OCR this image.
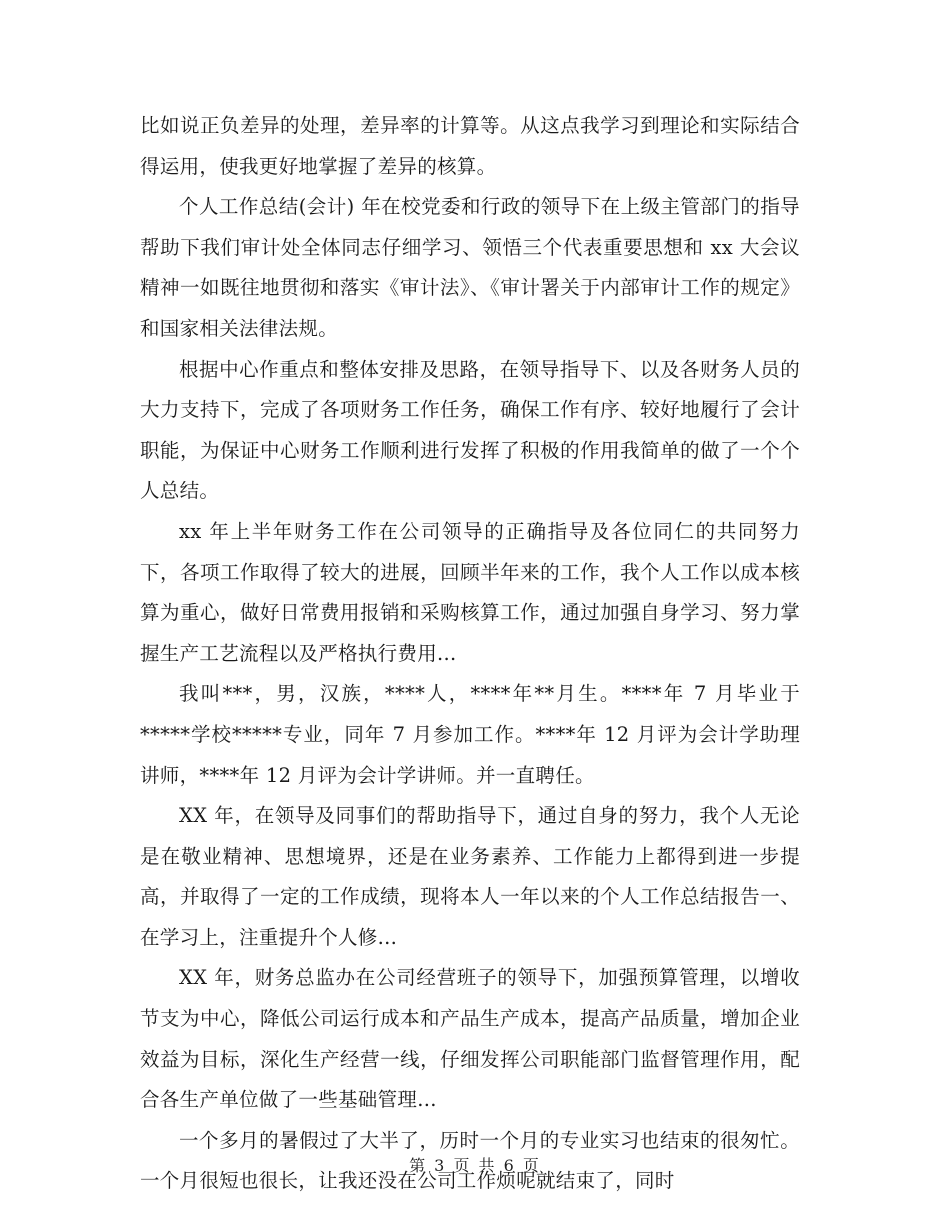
比如说正负差异的处理，差异率的计算等。从这点我学习到理论和实际结合得运用，使我更好地掌握了差异的核算。

个人工作总结(会计) 年在校党委和行政的领导下在上级主管部门的指导帮助下我们审计处全体同志仔细学习、领悟三个代表重要思想和 xx 大会议精神一如既往地贯彻和落实《审计法》、《审计署关于内部审计工作的规定》和国家相关法律法规。

根据中心作重点和整体安排及思路，在领导指导下、以及各财务人员的大力支持下，完成了各项财务工作任务，确保工作有序、较好地履行了会计职能，为保证中心财务工作顺利进行发挥了积极的作用我简单的做了一个个人总结。

xx 年上半年财务工作在公司领导的正确指导及各位同仁的共同努力下，各项工作取得了较大的进展，回顾半年来的工作，我个人工作以成本核算为重心，做好日常费用报销和采购核算工作，通过加强自身学习、努力掌握生产工艺流程以及严格执行费用...

我叫***，男，汉族，****人，****年**月生。****年 7 月毕业于*****学校*****专业，同年 7 月参加工作。****年 12 月评为会计学助理讲师，****年 12 月评为会计学讲师。并一直聘任。

XX 年，在领导及同事们的帮助指导下，通过自身的努力，我个人无论是在敬业精神、思想境界，还是在业务素养、工作能力上都得到进一步提高，并取得了一定的工作成绩，现将本人一年以来的个人工作总结报告一、在学习上，注重提升个人修...

XX 年，财务总监办在公司经营班子的领导下，加强预算管理，以增收节支为中心，降低公司运行成本和产品生产成本，提高产品质量，增加企业效益为目标，深化生产经营一线，仔细发挥公司职能部门监督管理作用，配合各生产单位做了一些基础管理...

一个多月的暑假过了大半了，历时一个月的专业实习也结束的很匆忙。一个月很短也很长，让我还没在公司工作烦呢就结束了，同时

第 3 页 共 6 页
